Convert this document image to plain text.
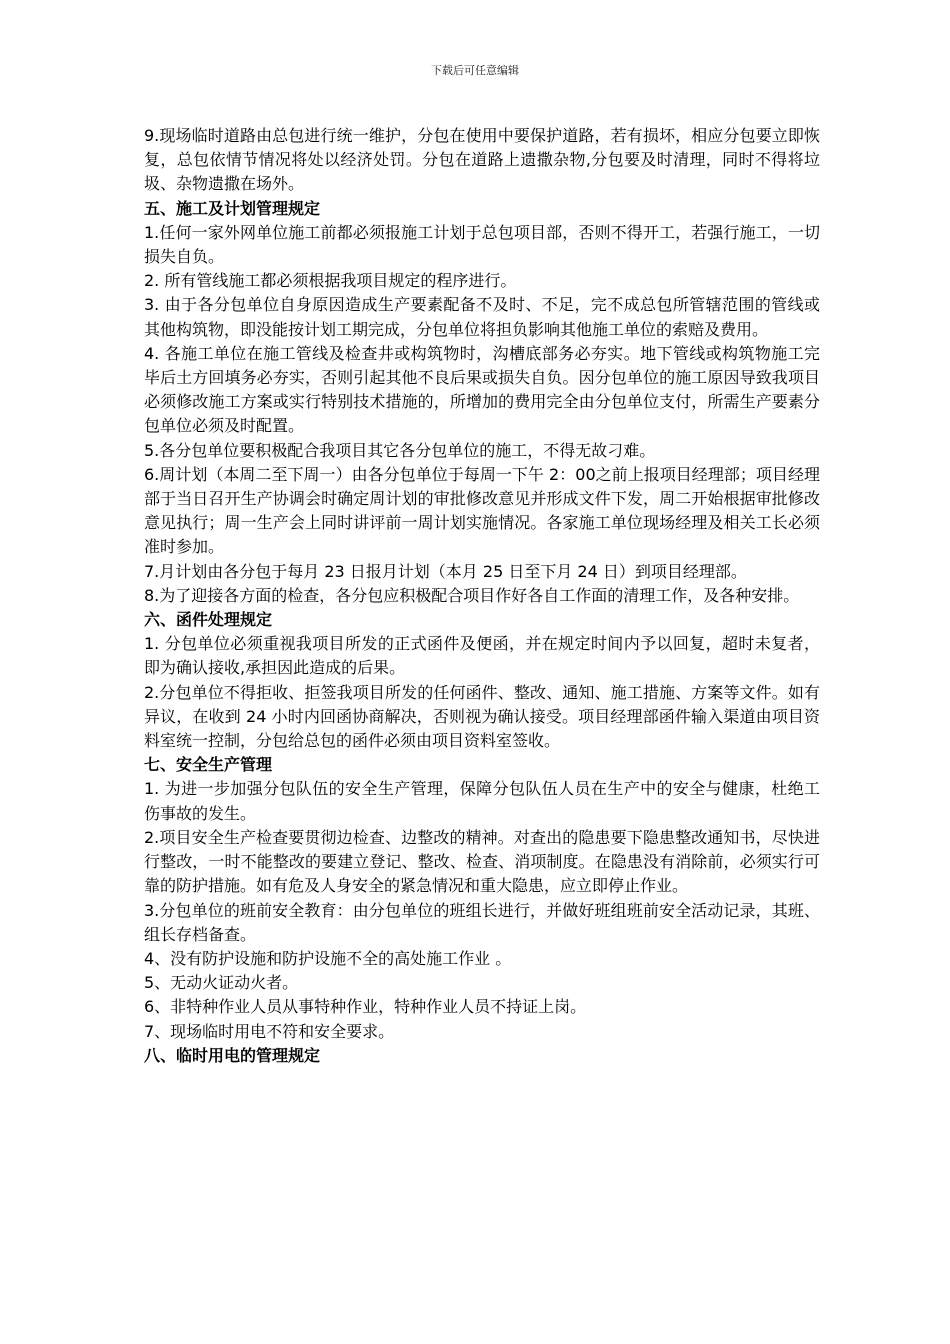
下载后可任意编辑

9.现场临时道路由总包进行统一维护，分包在使用中要保护道路，若有损坏，相应分包要立即恢复，总包依情节情况将处以经济处罚。分包在道路上遗撒杂物,分包要及时清理，同时不得将垃圾、杂物遗撒在场外。

五、施工及计划管理规定

1.任何一家外网单位施工前都必须报施工计划于总包项目部，否则不得开工，若强行施工，一切损失自负。

2. 所有管线施工都必须根据我项目规定的程序进行。

3. 由于各分包单位自身原因造成生产要素配备不及时、不足，完不成总包所管辖范围的管线或其他构筑物，即没能按计划工期完成，分包单位将担负影响其他施工单位的索赔及费用。

4. 各施工单位在施工管线及检查井或构筑物时，沟槽底部务必夯实。地下管线或构筑物施工完毕后土方回填务必夯实，否则引起其他不良后果或损失自负。因分包单位的施工原因导致我项目必须修改施工方案或实行特别技术措施的，所增加的费用完全由分包单位支付，所需生产要素分包单位必须及时配置。

5.各分包单位要积极配合我项目其它各分包单位的施工，不得无故刁难。

6.周计划（本周二至下周一）由各分包单位于每周一下午 2：00之前上报项目经理部；项目经理部于当日召开生产协调会时确定周计划的审批修改意见并形成文件下发，周二开始根据审批修改意见执行；周一生产会上同时讲评前一周计划实施情况。各家施工单位现场经理及相关工长必须准时参加。

7.月计划由各分包于每月 23 日报月计划（本月 25 日至下月 24 日）到项目经理部。

8.为了迎接各方面的检查，各分包应积极配合项目作好各自工作面的清理工作，及各种安排。

六、函件处理规定

1. 分包单位必须重视我项目所发的正式函件及便函，并在规定时间内予以回复，超时未复者，即为确认接收,承担因此造成的后果。

2.分包单位不得拒收、拒签我项目所发的任何函件、整改、通知、施工措施、方案等文件。如有异议，在收到 24 小时内回函协商解决，否则视为确认接受。项目经理部函件输入渠道由项目资料室统一控制，分包给总包的函件必须由项目资料室签收。

七、安全生产管理

1. 为进一步加强分包队伍的安全生产管理，保障分包队伍人员在生产中的安全与健康，杜绝工伤事故的发生。

2.项目安全生产检查要贯彻边检查、边整改的精神。对查出的隐患要下隐患整改通知书，尽快进行整改，一时不能整改的要建立登记、整改、检查、消项制度。在隐患没有消除前，必须实行可靠的防护措施。如有危及人身安全的紧急情况和重大隐患，应立即停止作业。

3.分包单位的班前安全教育：由分包单位的班组长进行，并做好班组班前安全活动记录，其班、组长存档备查。

4、没有防护设施和防护设施不全的高处施工作业 。

5、无动火证动火者。

6、非特种作业人员从事特种作业，特种作业人员不持证上岗。

7、现场临时用电不符和安全要求。

八、临时用电的管理规定
